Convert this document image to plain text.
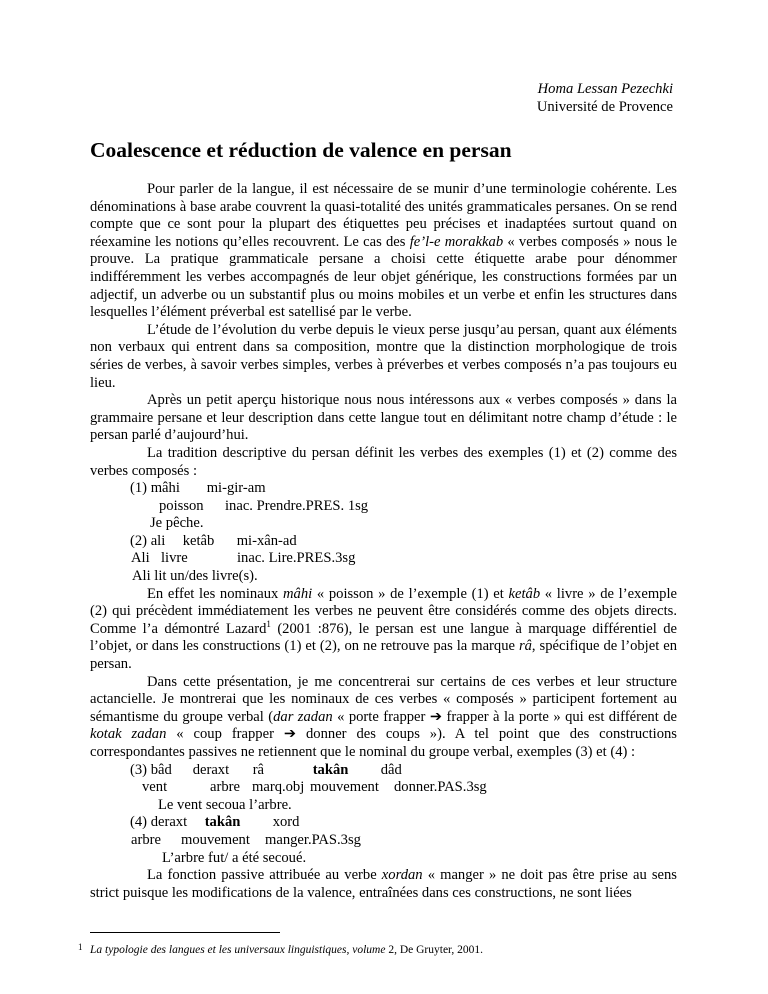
Homa Lessan Pezechki
Université de Provence
Coalescence et réduction de valence en persan

Pour parler de la langue, il est nécessaire de se munir d’une terminologie cohérente. Les dénominations à base arabe couvrent la quasi-totalité des unités grammaticales persanes. On se rend compte que ce sont pour la plupart des étiquettes peu précises et inadaptées surtout quand on réexamine les notions qu’elles recouvrent. Le cas des fe’l-e morakkab « verbes composés » nous le prouve. La pratique grammaticale persane a choisi cette étiquette arabe pour dénommer indifféremment les verbes accompagnés de leur objet générique, les constructions formées par un adjectif, un adverbe ou un substantif plus ou moins mobiles et un verbe et enfin les structures dans lesquelles l’élément préverbal est satellisé par le verbe.

L’étude de l’évolution du verbe depuis le vieux perse jusqu’au persan, quant aux éléments non verbaux qui entrent dans sa composition, montre que la distinction morphologique de trois séries de verbes, à savoir verbes simples, verbes à préverbes et verbes composés n’a pas toujours eu lieu.

Après un petit aperçu historique nous nous intéressons aux « verbes composés » dans la grammaire persane et leur description dans cette langue tout en délimitant notre champ d’étude : le persan parlé d’aujourd’hui.

La tradition descriptive du persan définit les verbes des exemples (1) et (2) comme des verbes composés :

(1) mâhi mi-gir-am
poisson inac. Prendre.PRES. 1sg
Je pêche.
(2) ali ketâb mi-xân-ad
Ali livre	inac. Lire.PRES.3sg
Ali lit un/des livre(s).

En effet les nominaux mâhi « poisson » de l’exemple (1) et ketâb « livre » de l’exemple (2) qui précèdent immédiatement les verbes ne peuvent être considérés comme des objets directs. Comme l’a démontré Lazard$^1$ (2001 :876), le persan est une langue à marquage différentiel de l’objet, or dans les constructions (1) et (2), on ne retrouve pas la marque râ, spécifique de l’objet en persan.

Dans cette présentation, je me concentrerai sur certains de ces verbes et leur structure actancielle. Je montrerai que les nominaux de ces verbes « composés » participent fortement au sémantisme du groupe verbal (dar zadan « porte frapper ➔ frapper à la porte » qui est différent de kotak zadan « coup frapper ➔ donner des coups »). A tel point que des constructions correspondantes passives ne retiennent que le nominal du groupe verbal, exemples (3) et (4) :

(3) bâd deraxt râ	takân dâd
vent	arbre marq.obj mouvement donner.PAS.3sg
Le vent secoua l’arbre.
(4) deraxt takân xord
arbre mouvement manger.PAS.3sg
L’arbre fut/ a été secoué.

La fonction passive attribuée au verbe xordan « manger » ne doit pas être prise au sens strict puisque les modifications de la valence, entraînées dans ces constructions, ne sont liées

1 La typologie des langues et les universaux linguistiques, volume 2, De Gruyter, 2001.
